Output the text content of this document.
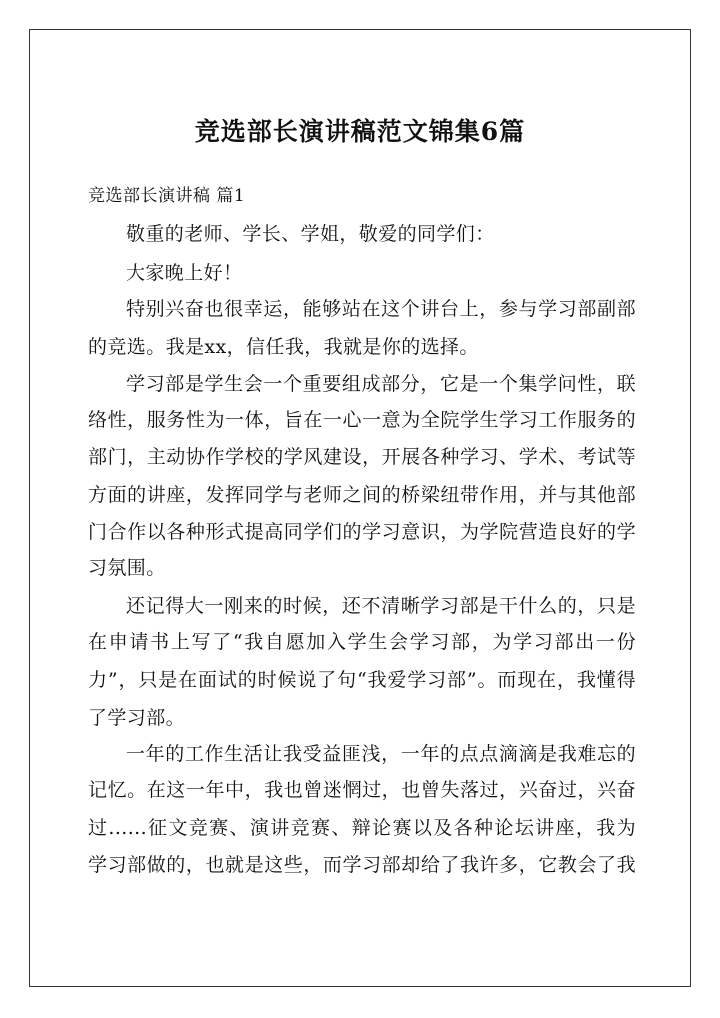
竞选部长演讲稿范文锦集6篇
竞选部长演讲稿 篇1
敬重的老师、学长、学姐，敬爱的同学们：
大家晚上好！
特别兴奋也很幸运，能够站在这个讲台上，参与学习部副部
的竞选。我是xx，信任我，我就是你的选择。
学习部是学生会一个重要组成部分，它是一个集学问性，联
络性，服务性为一体，旨在一心一意为全院学生学习工作服务的
部门，主动协作学校的学风建设，开展各种学习、学术、考试等
方面的讲座，发挥同学与老师之间的桥梁纽带作用，并与其他部
门合作以各种形式提高同学们的学习意识，为学院营造良好的学
习氛围。
还记得大一刚来的时候，还不清晰学习部是干什么的，只是
在申请书上写了“我自愿加入学生会学习部，为学习部出一份
力”，只是在面试的时候说了句“我爱学习部”。而现在，我懂得
了学习部。
一年的工作生活让我受益匪浅，一年的点点滴滴是我难忘的
记忆。在这一年中，我也曾迷惘过，也曾失落过，兴奋过，兴奋
过......征文竞赛、演讲竞赛、辩论赛以及各种论坛讲座，我为
学习部做的，也就是这些，而学习部却给了我许多，它教会了我
